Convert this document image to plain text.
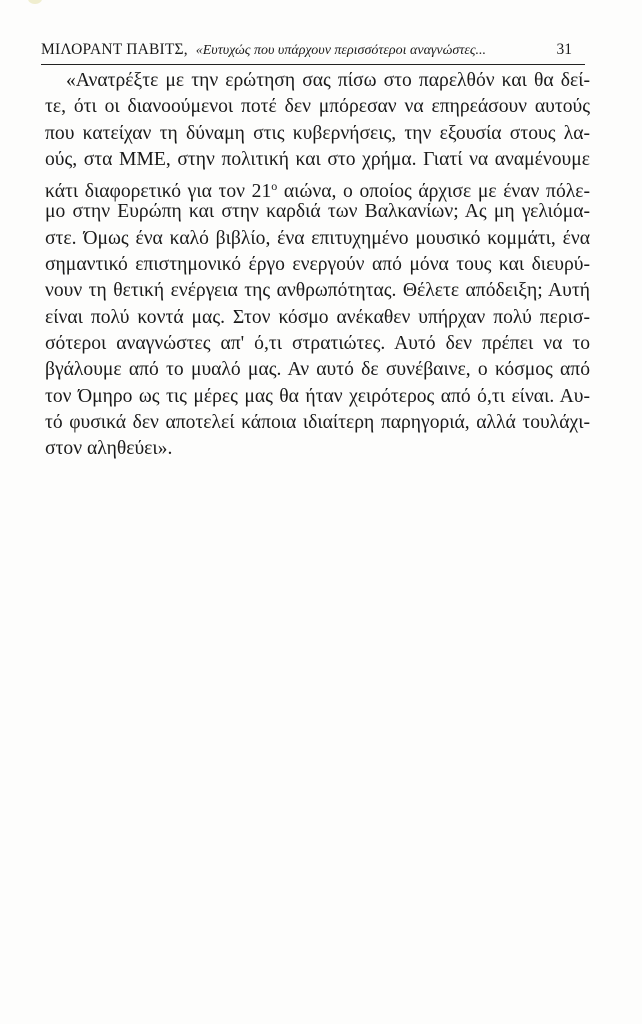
ΜΙΛΟΡΑΝΤ ΠΑΒΙΤΣ, «Ευτυχώς που υπάρχουν περισσότεροι αναγνώστες...	31
«Ανατρέξτε με την ερώτηση σας πίσω στο παρελθόν και θα δεί-
τε, ότι οι διανοούμενοι ποτέ δεν μπόρεσαν να επηρεάσουν αυτούς
που κατείχαν τη δύναμη στις κυβερνήσεις, την εξουσία στους λα-
ούς, στα ΜΜΕ, στην πολιτική και στο χρήμα. Γιατί να αναμένουμε
κάτι διαφορετικό για τον $21^o$ αιώνα, ο οποίος άρχισε με έναν πόλε-
μο στην Ευρώπη και στην καρδιά των Βαλκανίων; Ας μη γελιόμα-
στε. Όμως ένα καλό βιβλίο, ένα επιτυχημένο μουσικό κομμάτι, ένα
σημαντικό επιστημονικό έργο ενεργούν από μόνα τους και διευρύ-
νουν τη θετική ενέργεια της ανθρωπότητας. Θέλετε απόδειξη; Αυτή
είναι πολύ κοντά μας. Στον κόσμο ανέκαθεν υπήρχαν πολύ περισ-
σότεροι αναγνώστες απ' ό,τι στρατιώτες. Αυτό δεν πρέπει να το
βγάλουμε από το μυαλό μας. Αν αυτό δε συνέβαινε, ο κόσμος από
τον Όμηρο ως τις μέρες μας θα ήταν χειρότερος από ό,τι είναι. Αυ-
τό φυσικά δεν αποτελεί κάποια ιδιαίτερη παρηγοριά, αλλά τουλάχι-
στον αληθεύει».
